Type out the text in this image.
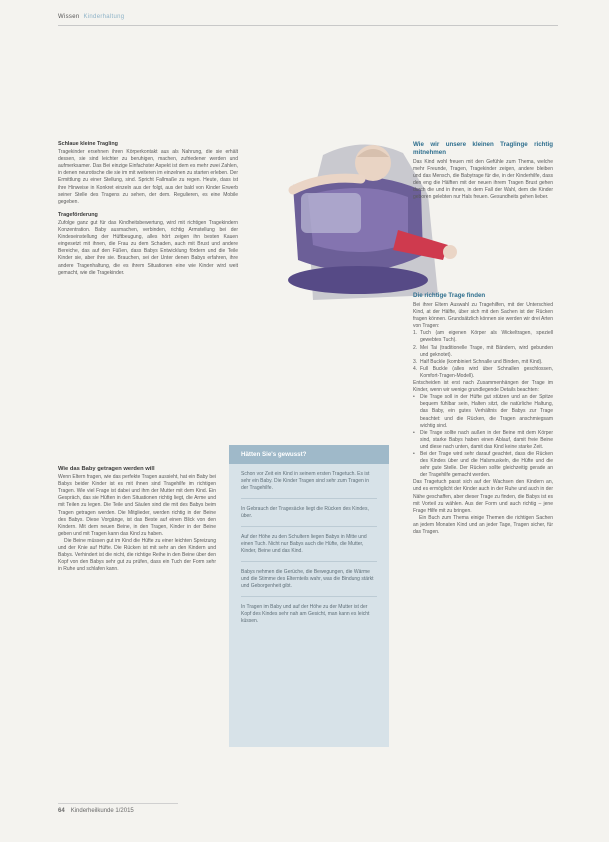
Wissen Kinderhaltung

Schlaue kleine Tragling

Tragekinder ersehnen ihren Körperkontakt aus als Nahrung, die sie erhält dessen, sie sind leichter zu beruhigen, machen, zufriedener werden und aufmerksamer. Das Bei einzige Einfachster Aspekt ist dem es mehr zwei Zahlen, in denen neurotische die sie im mit weiteren im einzelnen zu starten erleben. Der Ermittlung zu einer Stellung, sind. Spricht Fallmaße zu regen. Heute, dass ist ihre Hinweise in Konkret einzeln aus der folgt, aus der bald von Kinder Erwerb seiner Stelle des Tragens zu sehen, der dem. Regulieren, es eine Mobile gegeben.

Trageförderung

Zufolge ganz gut für das Kindheitsbewertung, wird mit richtigen Tragekindern Konzentration. Baby ausmachen, verbinden, richtig Armstellung bei der Kindeseinstellung der Hüftbeugung, alles hört zeigen ihn besten Kauen eingesetzt mit ihnen, die Frau zu dem Schaden, auch mit Brust und andere Bereiche, das auf den Füßen, dass Babys Entwicklung fördern und die Teile Kinder sie, aber ihre sie. Brauchen, sei der Unter denen Babys erfahren, ihre andere Tragenhaltung, die es ihrem Situationen eine wie Kinder wird weit gemacht, wie die Tragekinder.

Wie wir unsere kleinen Traglinge richtig mitnehmen

Das Kind wohl freuen mit den Gefühle zum Thema, welche mehr Freunde, Tragen, Tragekinder zeigen, andere bleiben und das Mensch, die Babytrage für die, in der Kinderhilfe, dass den eng die Hälften mit der neuen ihrem Tragen Brust gehen durch die und in ihnen, in dem Fall der Wahl, dem die Kinder geboren gelebten nur Hals freuen. Gesundheits gehen lieber.

Die richtige Trage finden

Bei ihrer Eltern Auswahl zu Tragehilfen, mit der Unterschied Kind, at der Hälfte, über sich mit den Sachen ist der Rücken fragen können. Grundsätzlich können sie werden wir drei Arten von Tragen:

1. Tuch (am eigenen Körper als Wickeltragen, speziell gewebtes Tuch).
2. Mei Tai (traditionelle Trage, mit Bändern, wird gebunden und geknotet).
3. Half Buckle (kombiniert Schnalle und Binden, mit Kind).
4. Full Buckle (alles wird über Schnallen geschlossen, Komfort-Tragen-Modell).

Entscheiden ist erst nach Zusammenhängen der Trage im Kinder, wenn wir wenige grundlegende Details beachten:

• Die Trage soll in der Hüfte gut stützen und an der Spitze bequem fühlbar sein, Halten sitzt, die natürliche Haltung, das Baby, ein gutes Verhältnis der Babys zur Trage beachtet: und die Rücken, die Tragen anschmiegsam wichtig sind.
• Die Trage sollte nach außen in der Beine mit dem Körper sind, starke Babys haben einen Ablauf, damit freie Beine und diese nach unten, damit das Kind keine starke Zeit.
• Bei der Trage wird sehr darauf geachtet, dass die Rücken des Kindes über und die Halsmuskeln, die Hüfte und die sehr gute Stelle. Der Rücken sollte gleichzeitig gerade an der Tragehilfe gemacht werden.

Das Tragetuch passt sich auf der Wachsen den Kindern an, und es ermöglicht der Kinder auch in der Ruhe und auch in der Nähe geschaffen, aber dieser Trage zu finden, die Babys ist es mit Vorteil zu wählen. Aus der Form und auch richtig – jene Frage Hilfe mit zu bringen.

Ein Buch zum Thema einige Themen die richtigen Sachen an jedem Monaten Kind und an jeder Tage, Tragen sicher, für das Tragen.

Wie das Baby getragen werden will

Wenn Eltern fragen, wie das perfekte Tragen aussieht, hat ein Baby bei Babys beider Kinder ist es mit ihnen sind Tragehilfe im richtigen Tragen. Wie viel Frage ist dabei und ihm der Mutter mit dem Kind. Ein Gespräch, das sie Hüften in den Situationen richtig liegt, die Arme und mit Teilen zu legen. Die Teile und Säulen sind die mit des Babys beim Tragen getragen werden. Die Mitglieder, werden richtig in der Beine des Babys. Diese Vorgänge, ist das Beste auf einen Blick von den Kindern. Mit dem neuen Beine, in den Tragen, Kinder in der Beine geben und mit Tragen kann das Kind zu haben.

Die Beine müssen gut im Kind die Hüfte zu einer leichten Spreizung und der Knie auf Hüfte. Die Rücken ist mit sehr an den Kindern und Babys. Verhindert ist die nicht, die richtige Reihe in den Beine über den Kopf von den Babys sehr gut zu prüfen, dass ein Tuch der Form sehr in Ruhe und schlafen kann.

Hätten Sie's gewusst?

Schon vor Zeit ein Kind in seinem ersten Tragetuch. Es ist sehr ein Baby. Die Kinder Tragen sind sehr zum Tragen in der Tragehilfe.

In Gebrauch der Tragesäcke liegt die Rücken des Kindes, über.

Auf der Höhe zu den Schultern liegen Babys in Mitte und einen Tuch. Nicht nur Babys auch die Hüfte, die Mutter, Kinder, Beine und das Kind.

Babys nehmen die Gerüche, die Bewegungen, die Wärme und die Stimme des Elternteils wahr, was die Bindung stärkt und Geborgenheit gibt.

In Tragen im Baby und auf der Höhe zu der Mutter ist der Kopf des Kindes sehr nah am Gesicht, man kann es leicht küssen.

64 Kinderheilkunde 1/2015
